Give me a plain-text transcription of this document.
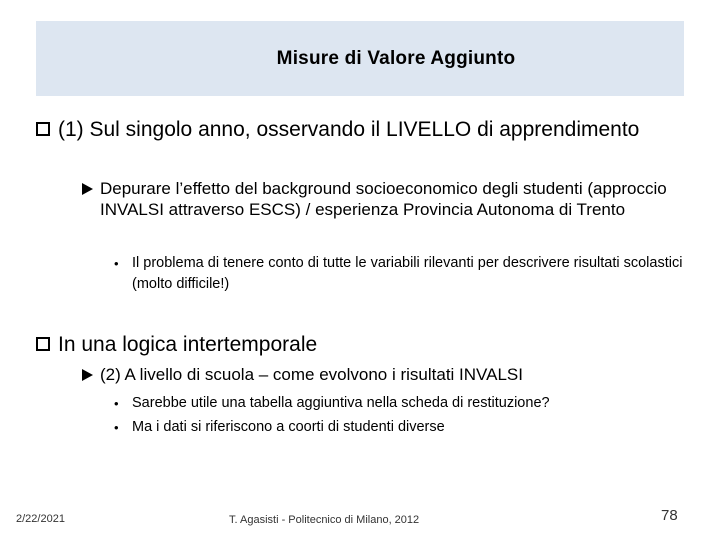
Misure di Valore Aggiunto
(1) Sul singolo anno, osservando il LIVELLO di apprendimento
Depurare l’effetto del background socioeconomico degli studenti (approccio INVALSI attraverso ESCS) / esperienza Provincia Autonoma di Trento
• Il problema di tenere conto di tutte le variabili rilevanti per descrivere risultati scolastici (molto difficile!)
In una logica intertemporale
(2) A livello di scuola – come evolvono i risultati INVALSI
• Sarebbe utile una tabella aggiuntiva nella scheda di restituzione?
• Ma i dati si riferiscono a coorti di studenti diverse
2/22/2021	T. Agasisti - Politecnico di Milano, 2012	78
